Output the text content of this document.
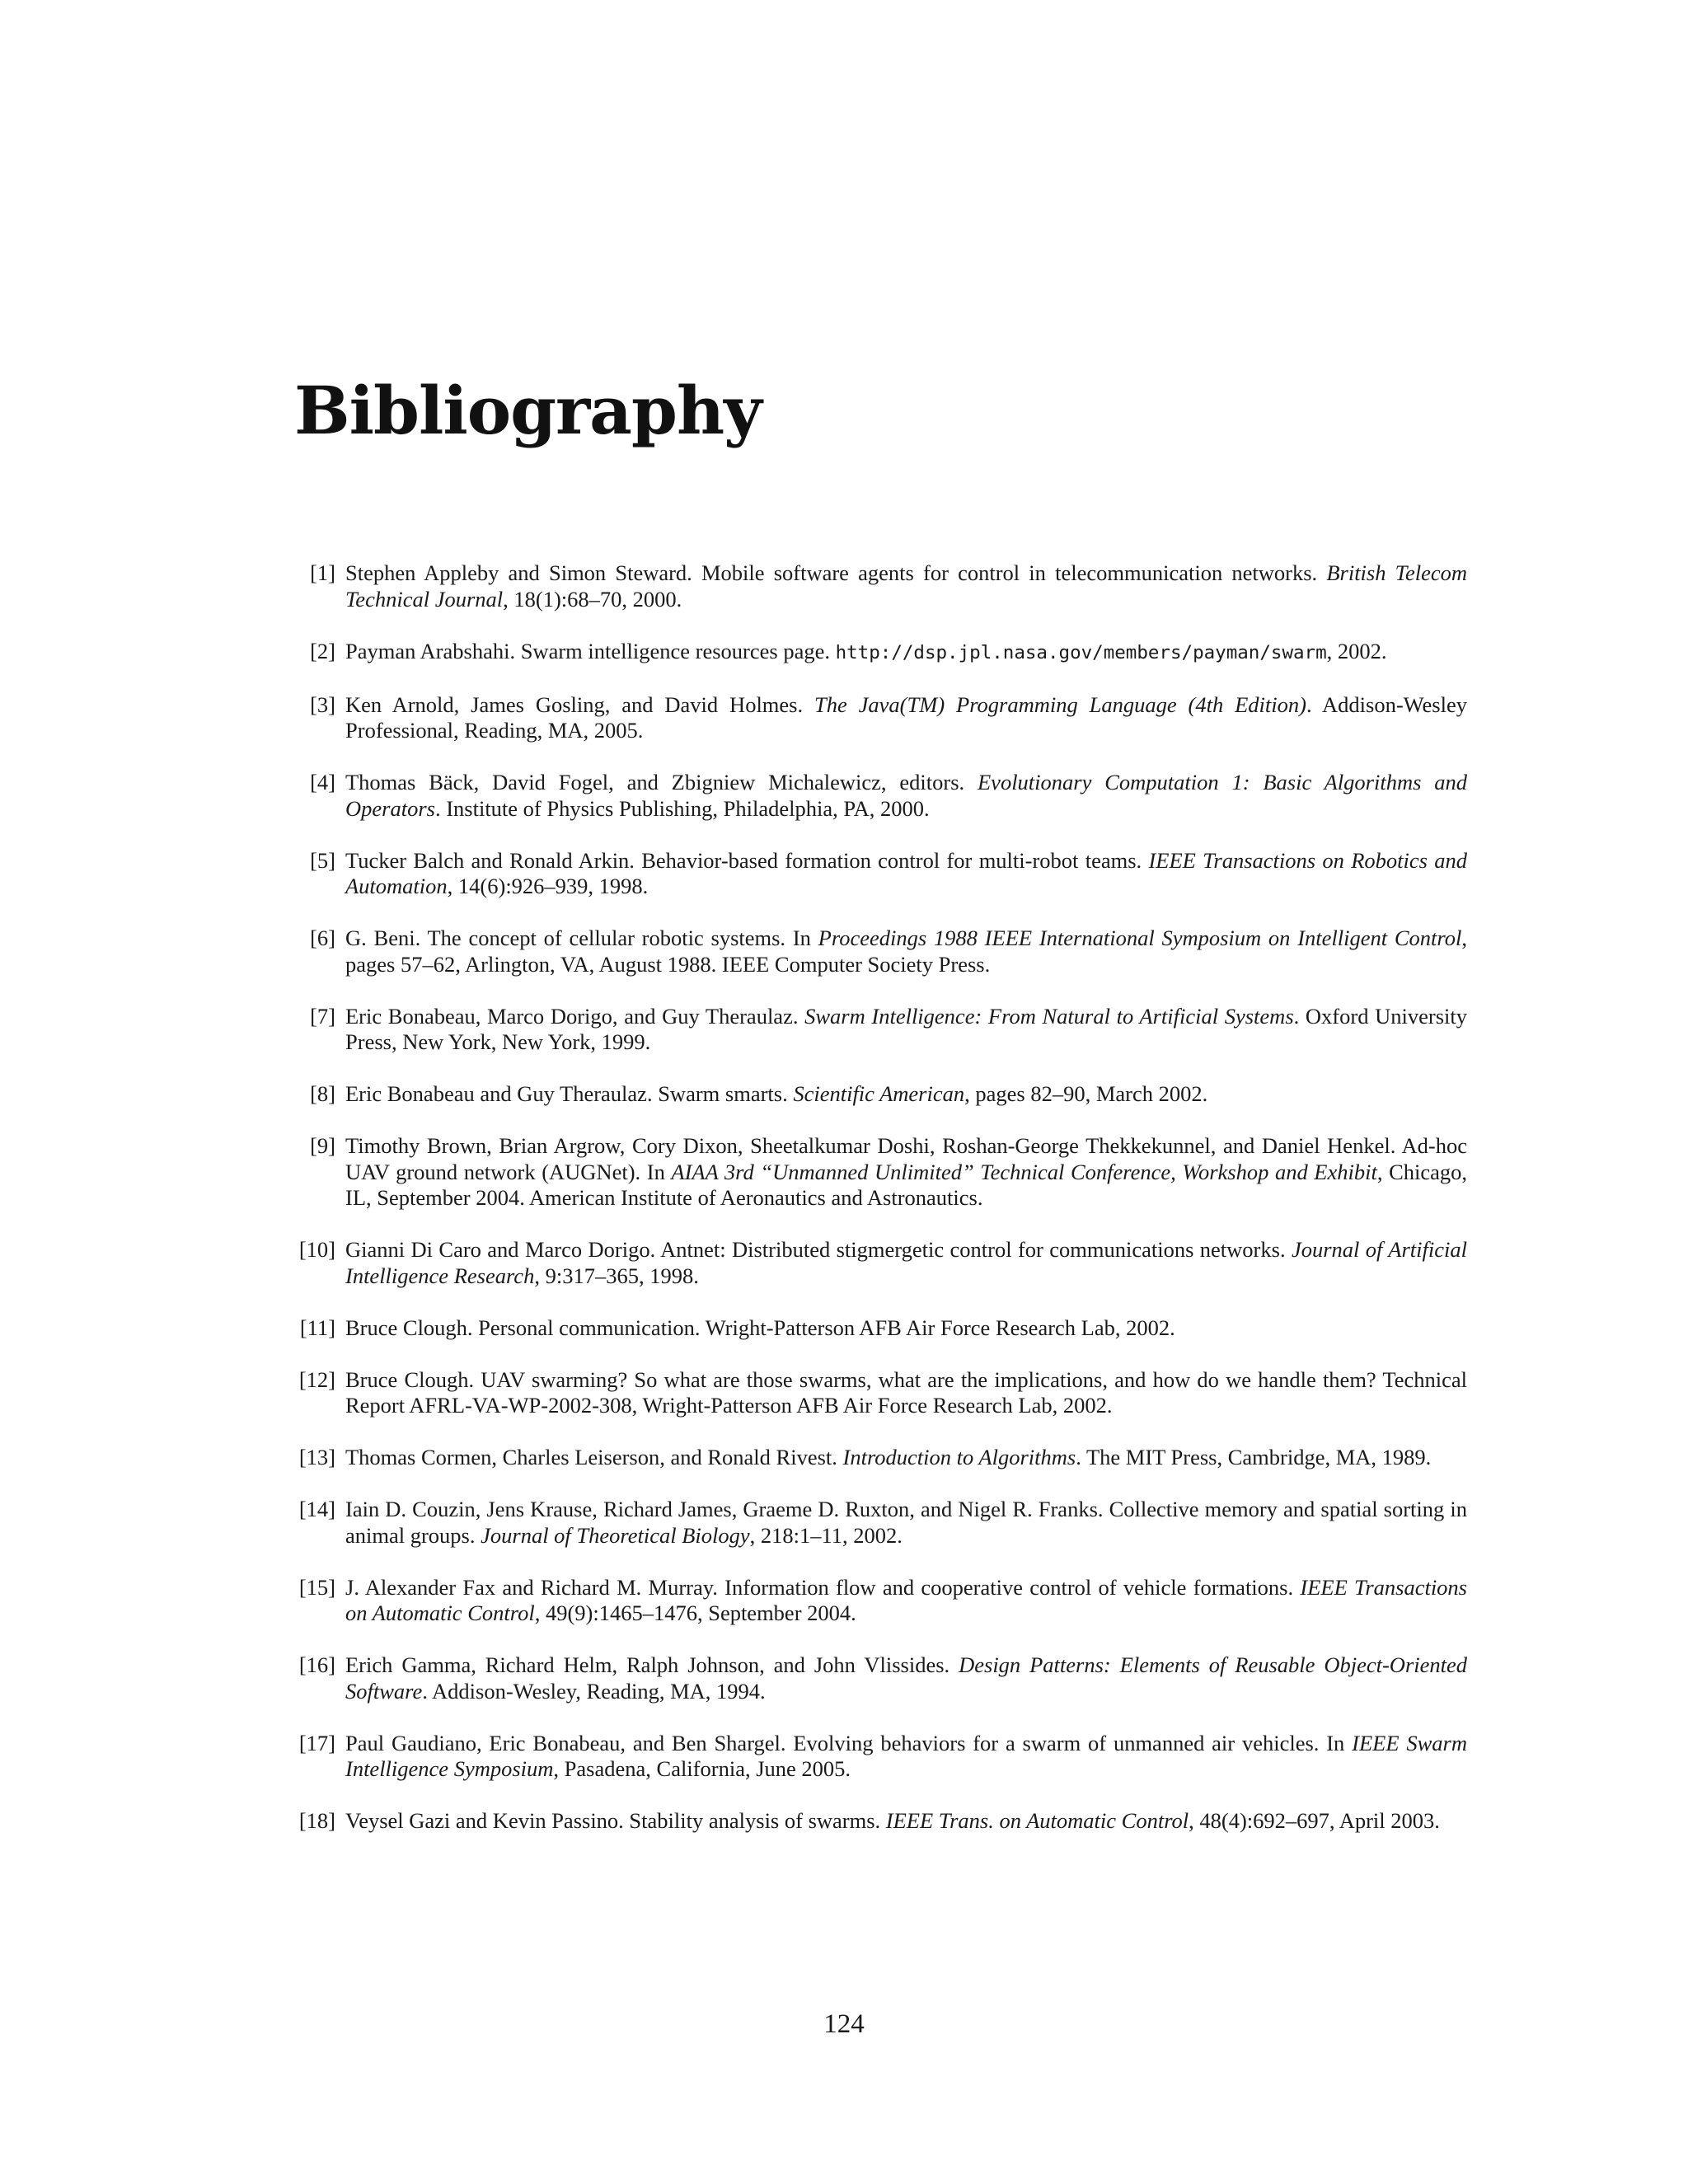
Bibliography
[1] Stephen Appleby and Simon Steward. Mobile software agents for control in telecommunication networks. British Telecom Technical Journal, 18(1):68–70, 2000.
[2] Payman Arabshahi. Swarm intelligence resources page. http://dsp.jpl.nasa.gov/members/payman/swarm, 2002.
[3] Ken Arnold, James Gosling, and David Holmes. The Java(TM) Programming Language (4th Edition). Addison-Wesley Professional, Reading, MA, 2005.
[4] Thomas Bäck, David Fogel, and Zbigniew Michalewicz, editors. Evolutionary Computation 1: Basic Algorithms and Operators. Institute of Physics Publishing, Philadelphia, PA, 2000.
[5] Tucker Balch and Ronald Arkin. Behavior-based formation control for multi-robot teams. IEEE Transactions on Robotics and Automation, 14(6):926–939, 1998.
[6] G. Beni. The concept of cellular robotic systems. In Proceedings 1988 IEEE International Symposium on Intelligent Control, pages 57–62, Arlington, VA, August 1988. IEEE Computer Society Press.
[7] Eric Bonabeau, Marco Dorigo, and Guy Theraulaz. Swarm Intelligence: From Natural to Artificial Systems. Oxford University Press, New York, New York, 1999.
[8] Eric Bonabeau and Guy Theraulaz. Swarm smarts. Scientific American, pages 82–90, March 2002.
[9] Timothy Brown, Brian Argrow, Cory Dixon, Sheetalkumar Doshi, Roshan-George Thekkekunnel, and Daniel Henkel. Ad-hoc UAV ground network (AUGNet). In AIAA 3rd “Unmanned Unlimited” Technical Conference, Workshop and Exhibit, Chicago, IL, September 2004. American Institute of Aeronautics and Astronautics.
[10] Gianni Di Caro and Marco Dorigo. Antnet: Distributed stigmergetic control for communications networks. Journal of Artificial Intelligence Research, 9:317–365, 1998.
[11] Bruce Clough. Personal communication. Wright-Patterson AFB Air Force Research Lab, 2002.
[12] Bruce Clough. UAV swarming? So what are those swarms, what are the implications, and how do we handle them? Technical Report AFRL-VA-WP-2002-308, Wright-Patterson AFB Air Force Research Lab, 2002.
[13] Thomas Cormen, Charles Leiserson, and Ronald Rivest. Introduction to Algorithms. The MIT Press, Cambridge, MA, 1989.
[14] Iain D. Couzin, Jens Krause, Richard James, Graeme D. Ruxton, and Nigel R. Franks. Collective memory and spatial sorting in animal groups. Journal of Theoretical Biology, 218:1–11, 2002.
[15] J. Alexander Fax and Richard M. Murray. Information flow and cooperative control of vehicle formations. IEEE Transactions on Automatic Control, 49(9):1465–1476, September 2004.
[16] Erich Gamma, Richard Helm, Ralph Johnson, and John Vlissides. Design Patterns: Elements of Reusable Object-Oriented Software. Addison-Wesley, Reading, MA, 1994.
[17] Paul Gaudiano, Eric Bonabeau, and Ben Shargel. Evolving behaviors for a swarm of unmanned air vehicles. In IEEE Swarm Intelligence Symposium, Pasadena, California, June 2005.
[18] Veysel Gazi and Kevin Passino. Stability analysis of swarms. IEEE Trans. on Automatic Control, 48(4):692–697, April 2003.
124
